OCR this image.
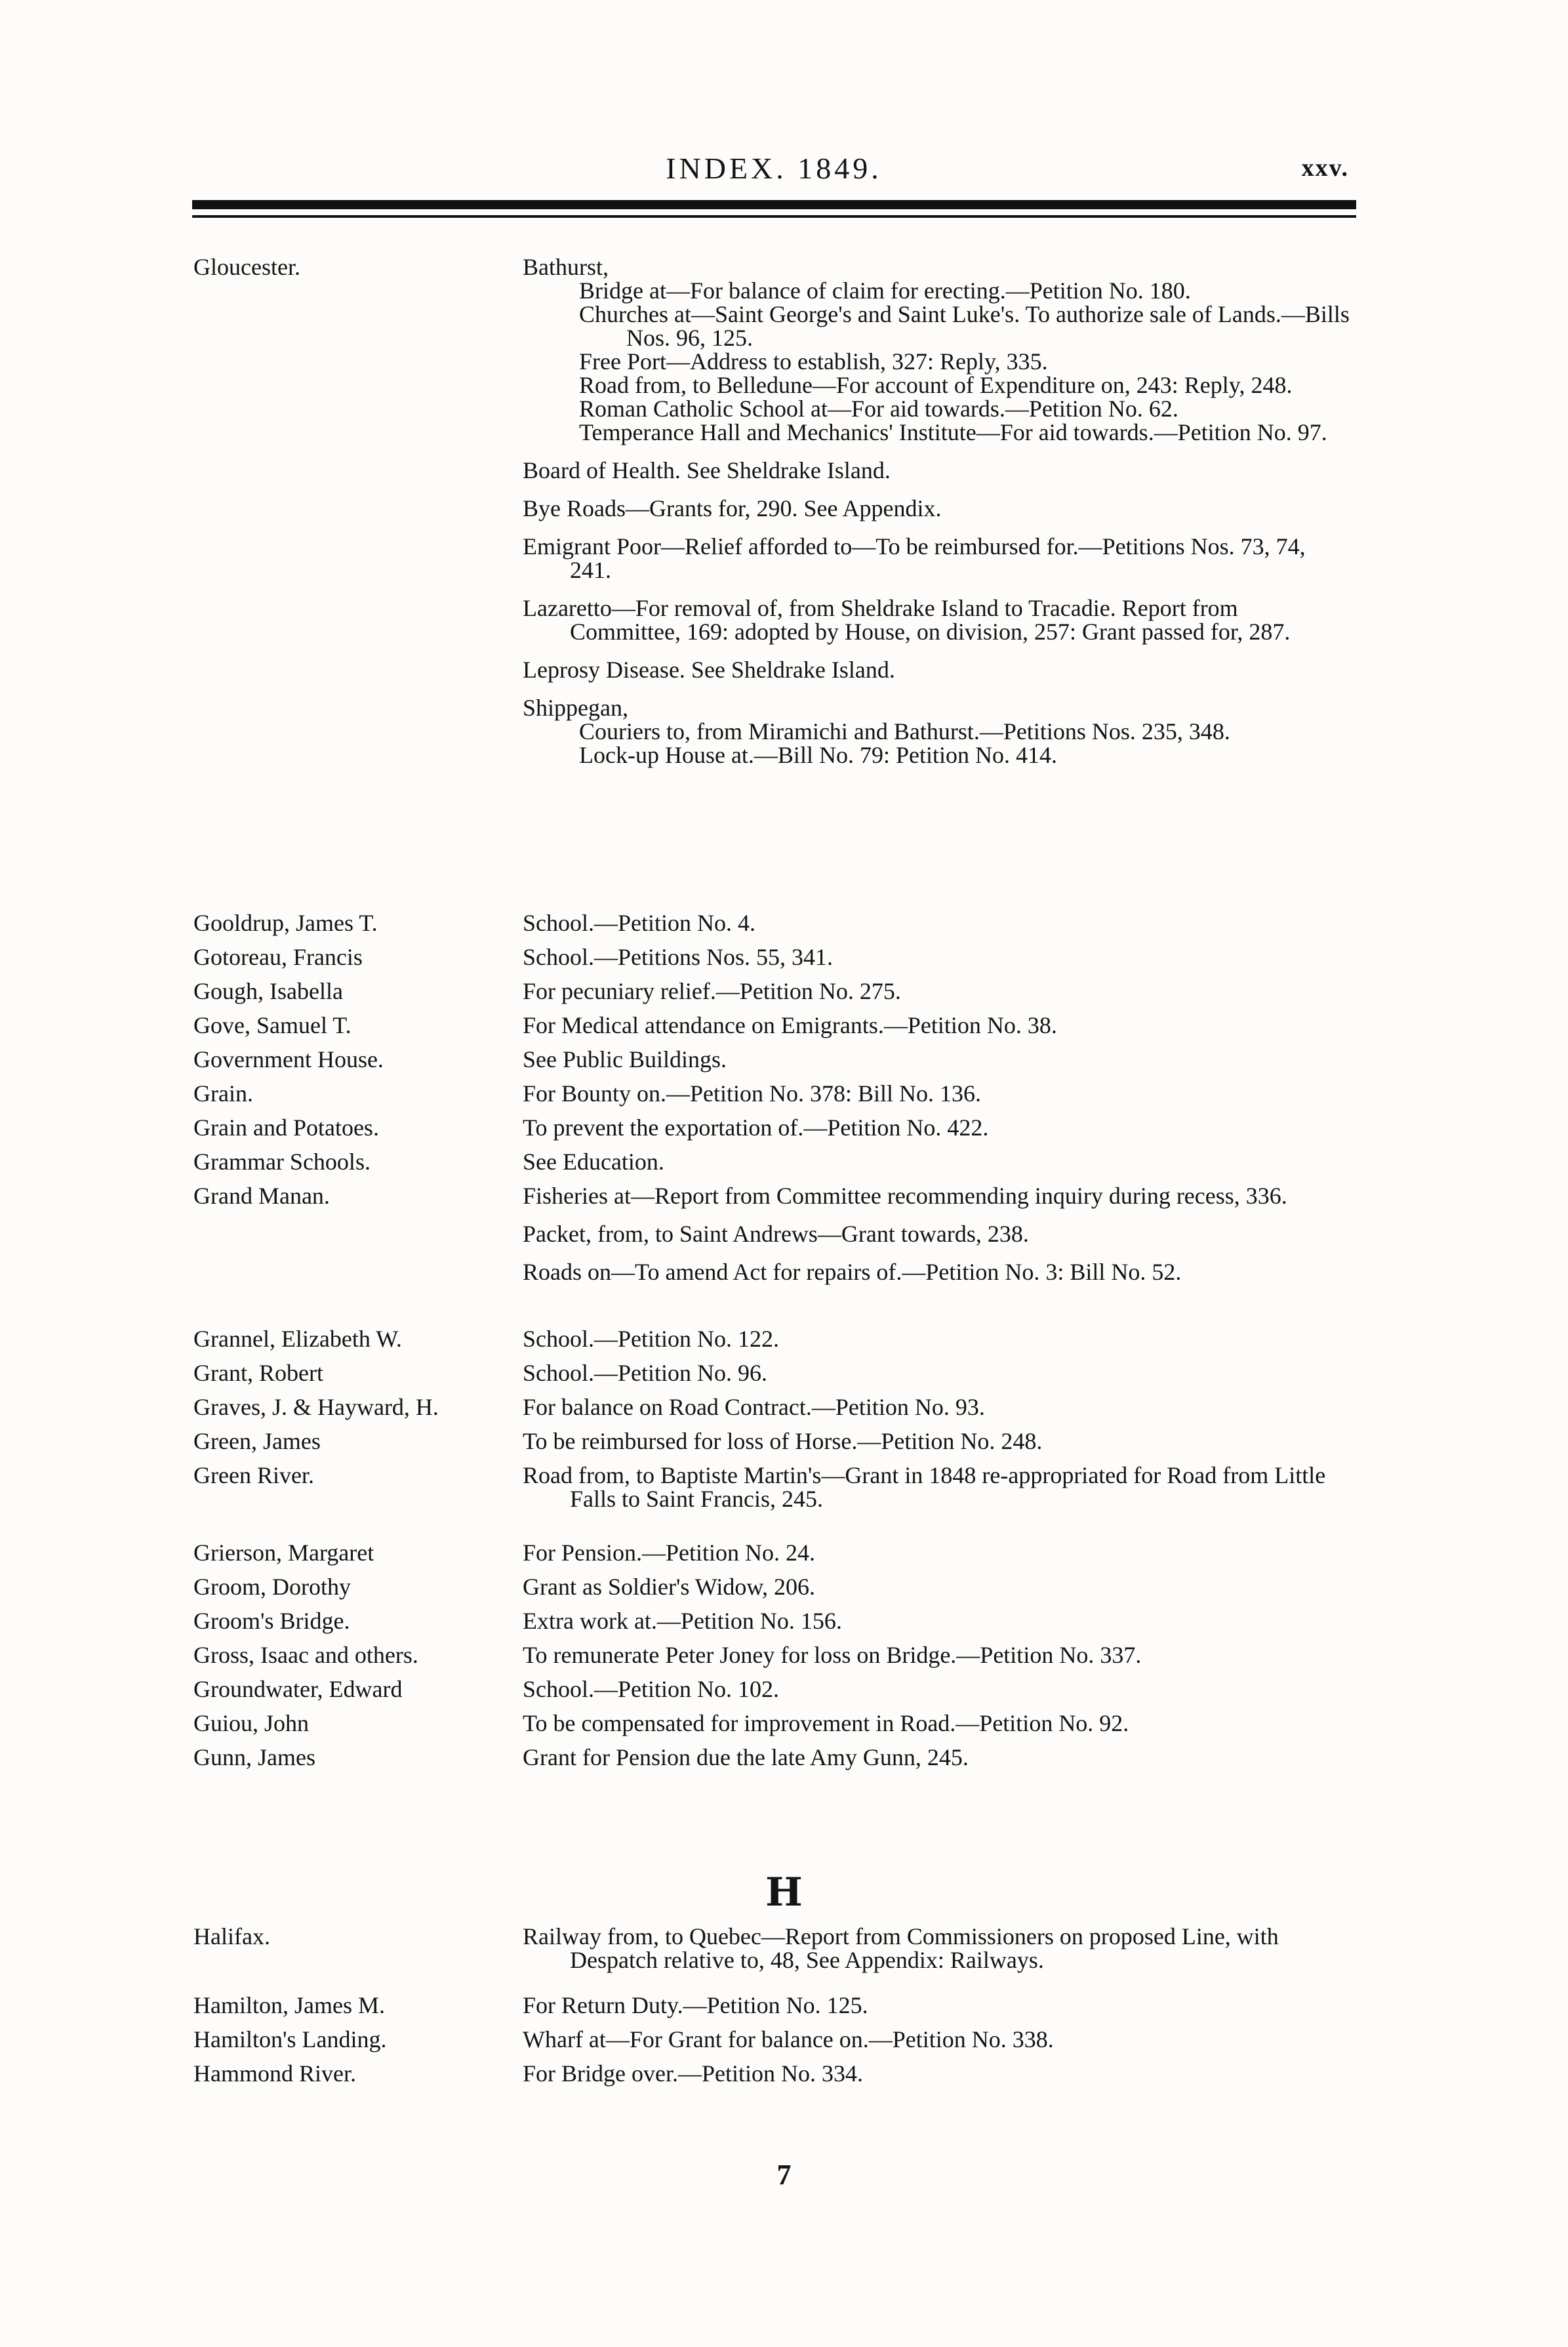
INDEX. 1849.	xxv.
Gloucester.	Bathurst,
Bridge at—For balance of claim for erecting.—Petition No. 180.
Churches at—Saint George's and Saint Luke's. To authorize sale of Lands.—Bills Nos. 96, 125.
Free Port—Address to establish, 327: Reply, 335.
Road from, to Belledune—For account of Expenditure on, 243: Reply, 248.
Roman Catholic School at—For aid towards.—Petition No. 62.
Temperance Hall and Mechanics' Institute—For aid towards.—Petition No. 97.
Board of Health. See Sheldrake Island.
Bye Roads—Grants for, 290. See Appendix.
Emigrant Poor—Relief afforded to—To be reimbursed for.—Petitions Nos. 73, 74, 241.
Lazaretto—For removal of, from Sheldrake Island to Tracadie. Report from Committee, 169: adopted by House, on division, 257: Grant passed for, 287.
Leprosy Disease. See Sheldrake Island.
Shippegan,
Couriers to, from Miramichi and Bathurst.—Petitions Nos. 235, 348.
Lock-up House at.—Bill No. 79: Petition No. 414.
Gooldrup, James T.	School.—Petition No. 4.
Gotoreau, Francis	School.—Petitions Nos. 55, 341.
Gough, Isabella	For pecuniary relief.—Petition No. 275.
Gove, Samuel T.	For Medical attendance on Emigrants.—Petition No. 38.
Government House.	See Public Buildings.
Grain.	For Bounty on.—Petition No. 378: Bill No. 136.
Grain and Potatoes.	To prevent the exportation of.—Petition No. 422.
Grammar Schools.	See Education.
Grand Manan.	Fisheries at—Report from Committee recommending inquiry during recess, 336.
Packet, from, to Saint Andrews—Grant towards, 238.
Roads on—To amend Act for repairs of.—Petition No. 3: Bill No. 52.
Grannel, Elizabeth W.	School.—Petition No. 122.
Grant, Robert	School.—Petition No. 96.
Graves, J. & Hayward, H.	For balance on Road Contract.—Petition No. 93.
Green, James	To be reimbursed for loss of Horse.—Petition No. 248.
Green River.	Road from, to Baptiste Martin's—Grant in 1848 re-appropriated for Road from Little Falls to Saint Francis, 245.
Grierson, Margaret	For Pension.—Petition No. 24.
Groom, Dorothy	Grant as Soldier's Widow, 206.
Groom's Bridge.	Extra work at.—Petition No. 156.
Gross, Isaac and others.	To remunerate Peter Joney for loss on Bridge.—Petition No. 337.
Groundwater, Edward	School.—Petition No. 102.
Guiou, John	To be compensated for improvement in Road.—Petition No. 92.
Gunn, James	Grant for Pension due the late Amy Gunn, 245.
H
Halifax.	Railway from, to Quebec—Report from Commissioners on proposed Line, with Despatch relative to, 48, See Appendix: Railways.
Hamilton, James M.	For Return Duty.—Petition No. 125.
Hamilton's Landing.	Wharf at—For Grant for balance on.—Petition No. 338.
Hammond River.	For Bridge over.—Petition No. 334.
7
